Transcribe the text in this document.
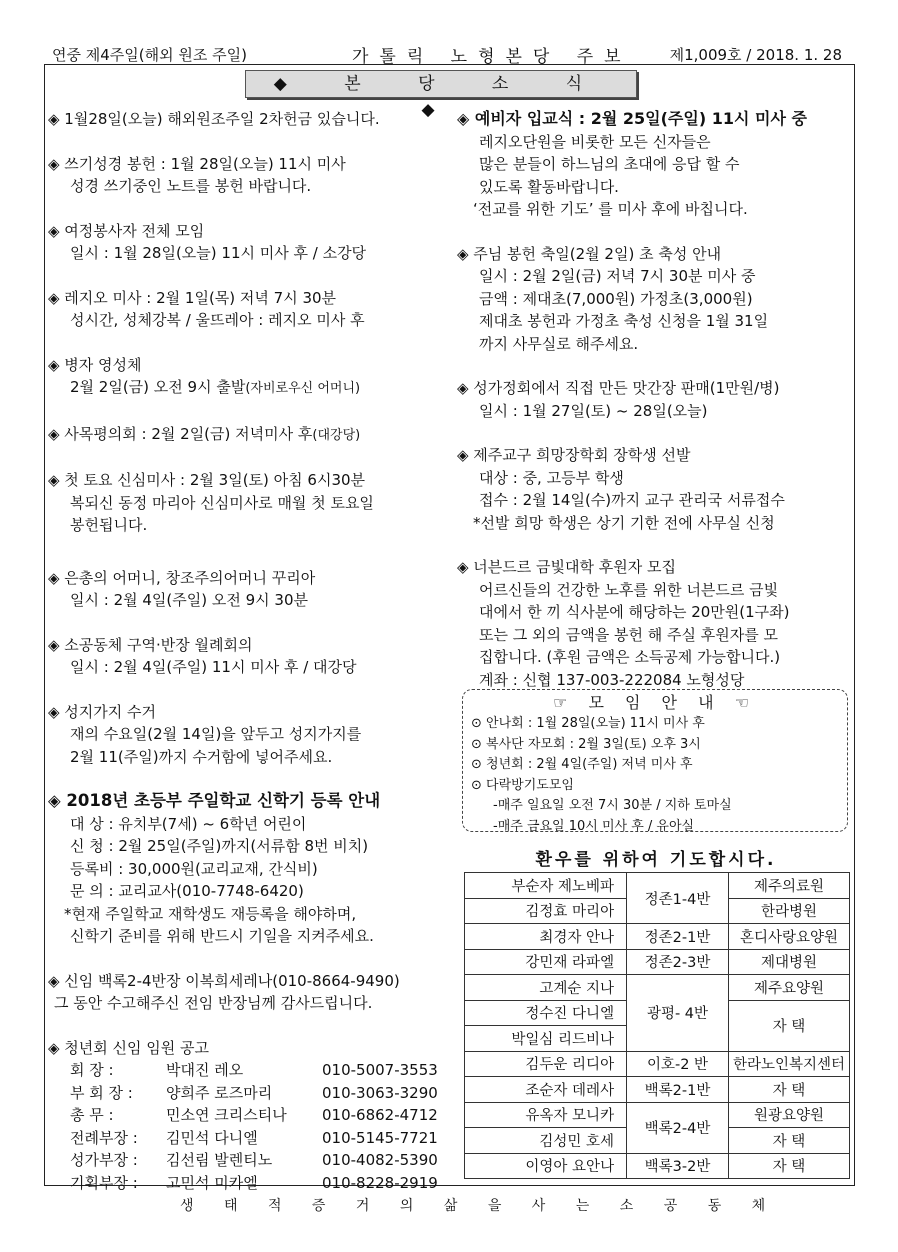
연중 제4주일(해외 원조 주일)	가톨릭 노형본당 주보	제1,009호 / 2018. 1. 28
◆ 본 당 소 식 ◆
◈ 1월28일(오늘) 해외원조주일 2차헌금 있습니다.
◈ 쓰기성경 봉헌 : 1월 28일(오늘) 11시 미사
성경 쓰기중인 노트를 봉헌 바랍니다.
◈ 여정봉사자 전체 모임
일시 : 1월 28일(오늘) 11시 미사 후 / 소강당
◈ 레지오 미사 : 2월 1일(목) 저녁 7시 30분
성시간, 성체강복 / 울뜨레아 : 레지오 미사 후
◈ 병자 영성체
2월 2일(금) 오전 9시 출발(자비로우신 어머니)
◈ 사목평의회 : 2월 2일(금) 저녁미사 후(대강당)
◈ 첫 토요 신심미사 : 2월 3일(토) 아침 6시30분
복되신 동정 마리아 신심미사로 매월 첫 토요일
봉헌됩니다.
◈ 은총의 어머니, 창조주의어머니 꾸리아
일시 : 2월 4일(주일) 오전 9시 30분
◈ 소공동체 구역·반장 월례회의
일시 : 2월 4일(주일) 11시 미사 후 / 대강당
◈ 성지가지 수거
재의 수요일(2월 14일)을 앞두고 성지가지를
2월 11(주일)까지 수거함에 넣어주세요.
◈ 2018년 초등부 주일학교 신학기 등록 안내
대 상 : 유치부(7세) ~ 6학년 어린이
신 청 : 2월 25일(주일)까지(서류함 8번 비치)
등록비 : 30,000원(교리교재, 간식비)
문 의 : 교리교사(010-7748-6420)
*현재 주일학교 재학생도 재등록을 해야하며,
신학기 준비를 위해 반드시 기일을 지켜주세요.
◈ 신임 백록2-4반장 이복희세레나(010-8664-9490)
그 동안 수고해주신 전임 반장님께 감사드립니다.
◈ 청년회 신임 임원 공고
회 장 :	박대진 레오	010-5007-3553
부 회 장 : 양희주 로즈마리	010-3063-3290
총 무 :	민소연 크리스티나 010-6862-4712
전례부장 : 김민석 다니엘	010-5145-7721
성가부장 : 김선림 발렌티노	010-4082-5390
기획부장 : 고민석 미카엘	010-8228-2919
◈ 예비자 입교식 : 2월 25일(주일) 11시 미사 중
레지오단원을 비롯한 모든 신자들은
많은 분들이 하느님의 초대에 응답 할 수
있도록 활동바랍니다.
‘전교를 위한 기도’ 를 미사 후에 바칩니다.
◈ 주님 봉헌 축일(2월 2일) 초 축성 안내
일시 : 2월 2일(금) 저녁 7시 30분 미사 중
금액 : 제대초(7,000원) 가정초(3,000원)
제대초 봉헌과 가정초 축성 신청을 1월 31일
까지 사무실로 해주세요.
◈ 성가정회에서 직접 만든 맛간장 판매(1만원/병)
일시 : 1월 27일(토) ~ 28일(오늘)
◈ 제주교구 희망장학회 장학생 선발
대상 : 중, 고등부 학생
접수 : 2월 14일(수)까지 교구 관리국 서류접수
*선발 희망 학생은 상기 기한 전에 사무실 신청
◈ 너븐드르 금빛대학 후원자 모집
어르신들의 건강한 노후를 위한 너븐드르 금빛
대에서 한 끼 식사분에 해당하는 20만원(1구좌)
또는 그 외의 금액을 봉헌 해 주실 후원자를 모
집합니다. (후원 금액은 소득공제 가능합니다.)
계좌 : 신협 137-003-222084 노형성당
☞ 모 임 안 내 ☜
⊙ 안나회 : 1월 28일(오늘) 11시 미사 후
⊙ 복사단 자모회 : 2월 3일(토) 오후 3시
⊙ 청년회 : 2월 4일(주일) 저녁 미사 후
⊙ 다락방기도모임
-매주 일요일 오전 7시 30분 / 지하 토마실
-매주 금요일 10시 미사 후 / 유아실
환우를 위하여 기도합시다.
부순자 제노베파	정존1-4반	제주의료원
김정효 마리아		한라병원
최경자 안나	정존2-1반	혼디사랑요양원
강민재 라파엘	정존2-3반	제대병원
고계순 지나	광평- 4반	제주요양원
정수진 다니엘		자 택
박일심 리드비나		
김두운 리디아	이호-2 반	한라노인복지센터
조순자 데레사	백록2-1반	자 택
유옥자 모니카	백록2-4반	원광요양원
김성민 호세		자 택
이영아 요안나	백록3-2반	자 택
생 태 적 증 거 의 삶 을 사 는 소 공 동 체
